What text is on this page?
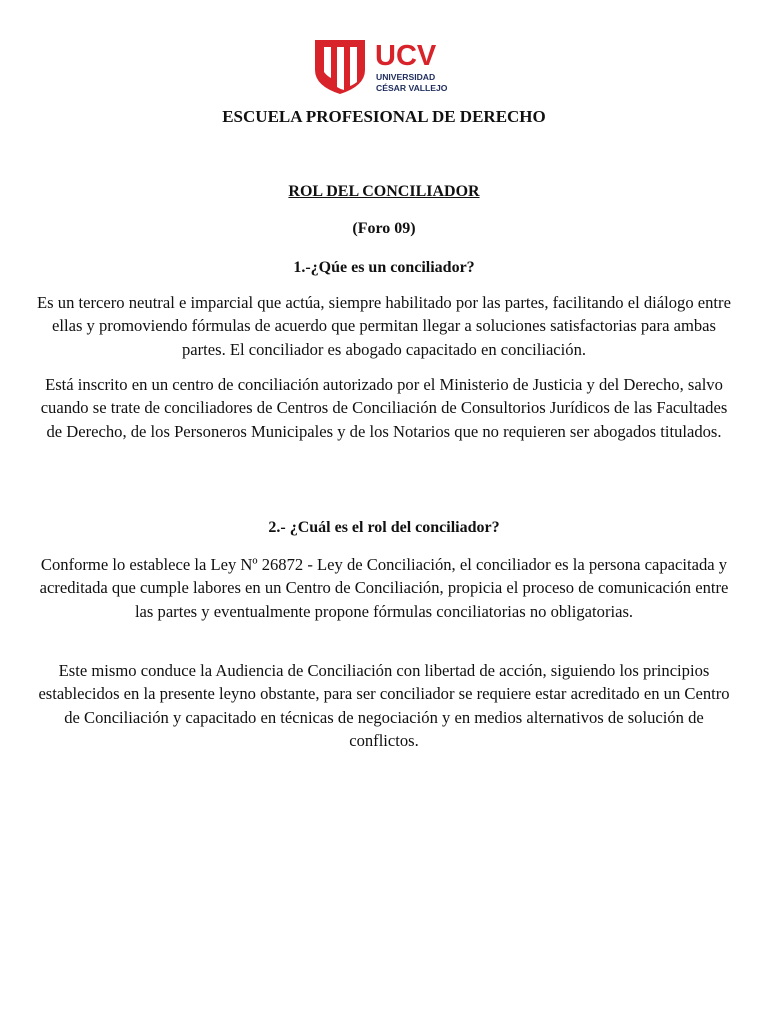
UCV
UNIVERSIDAD
CÉSAR VALLEJO
ESCUELA PROFESIONAL DE DERECHO
ROL DEL CONCILIADOR
(Foro 09)
1.-¿Qúe es un conciliador?

Es un tercero neutral e imparcial que actúa, siempre habilitado por las partes, facilitando el diálogo entre ellas y promoviendo fórmulas de acuerdo que permitan llegar a soluciones satisfactorias para ambas partes. El conciliador es abogado capacitado en conciliación.

Está inscrito en un centro de conciliación autorizado por el Ministerio de Justicia y del Derecho, salvo cuando se trate de conciliadores de Centros de Conciliación de Consultorios Jurídicos de las Facultades de Derecho, de los Personeros Municipales y de los Notarios que no requieren ser abogados titulados.

2.- ¿Cuál es el rol del conciliador?

Conforme lo establece la Ley Nº 26872 - Ley de Conciliación, el conciliador es la persona capacitada y acreditada que cumple labores en un Centro de Conciliación, propicia el proceso de comunicación entre las partes y eventualmente propone fórmulas conciliatorias no obligatorias.

Este mismo conduce la Audiencia de Conciliación con libertad de acción, siguiendo los principios establecidos en la presente leyno obstante, para ser conciliador se requiere estar acreditado en un Centro de Conciliación y capacitado en técnicas de negociación y en medios alternativos de solución de conflictos.
